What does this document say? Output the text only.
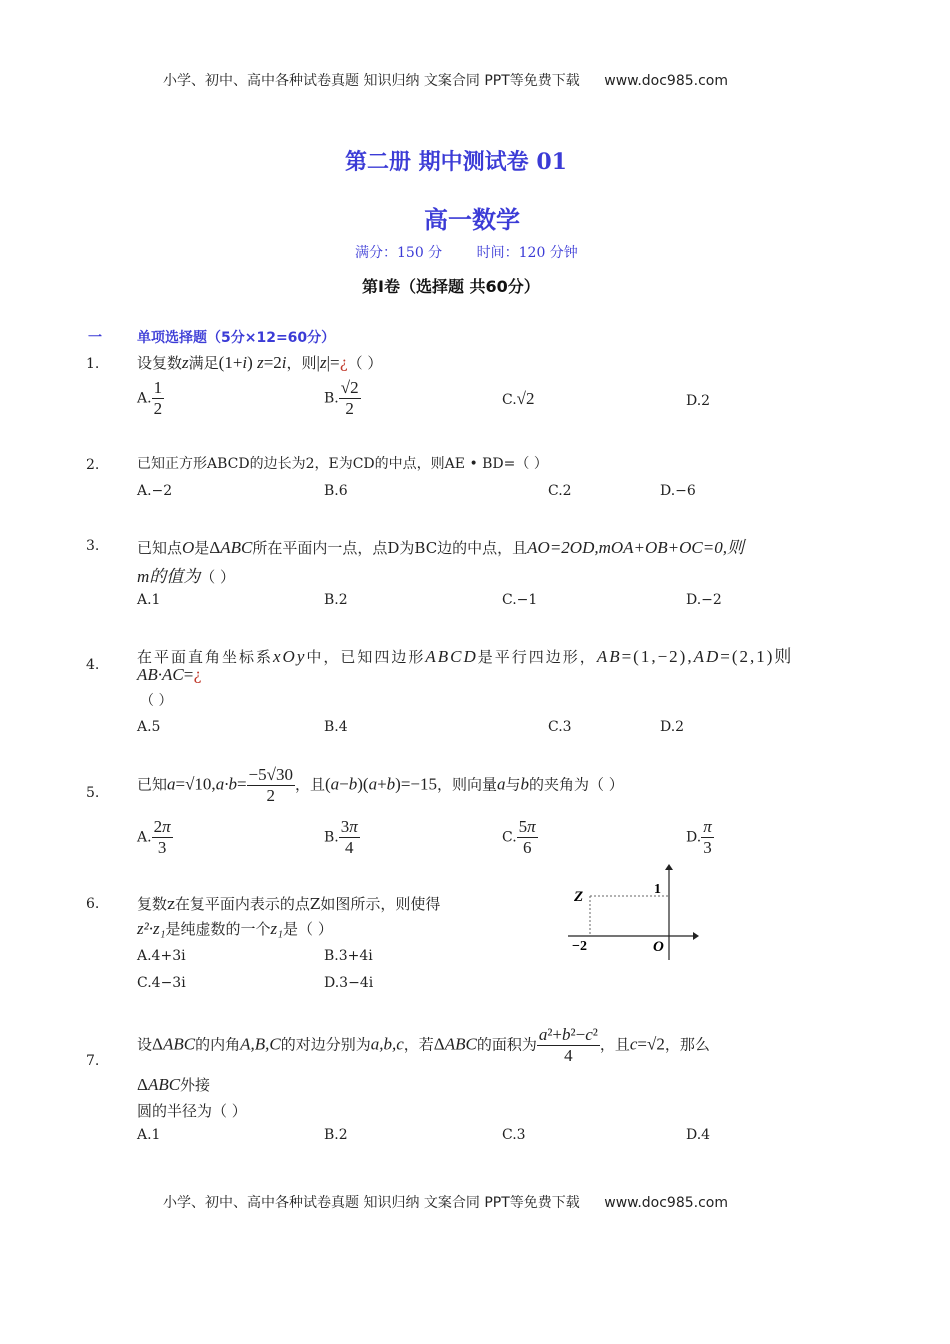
小学、初中、高中各种试卷真题 知识归纳 文案合同 PPT等免费下载 www.doc985.com
第二册 期中测试卷 01
高一数学
满分：150 分 时间：120 分钟
第Ⅰ卷（选择题 共60分）
一	单项选择题（5分×12=60分）
1.	设复数z满足(1+i) z=2i，则|z|=¿（ ）
A. $\frac{1}{2}$	B. $\frac{√2}{2}$	C.√2	D.2
2.	已知正方形ABCD的边长为2，E为CD的中点，则AE • BD=（ ）
A.−2	B.6	C.2	D.−6
3.	已知点O是ΔABC所在平面内一点，点D为BC边的中点，且AO=2OD,mOA+OB+OC=0,则
m的值为（ ）
A.1	B.2	C.−1	D.−2
4.	在平面直角坐标系xOy中，已知四边形ABCD是平行四边形，AB=(1,−2),AD=(2,1)则
AB·AC=¿
（ ）
A.5	B.4	C.3	D.2
5.	已知$a=√10,a\cdot b= \frac{-5√30}{2}$ ，且(a−b)(a+b)=−15，则向量a与b的夹角为（ ）
A. $\frac{2\pi}{3}$	B. $\frac{3\pi}{4}$	C. $\frac{5\pi}{6}$	D. $\frac{\pi}{3}$
6.	复数z在复平面内表示的点Z如图所示，则使得
z²·z₁是纯虚数的一个z₁是（ ）
A.4+3i	B.3+4i
C.4−3i	D.3−4i
Z	1
−2	O
7.
设ΔABC的内角A,B,C的对边分别为a,b,c，若ΔABC的面积为 $\frac{\text{a²+b²−c²}}{4}$ ，且c=√2，那么
ΔABC外接
圆的半径为（ ）
A.1	B.2	C.3	D.4
小学、初中、高中各种试卷真题 知识归纳 文案合同 PPT等免费下载 www.doc985.com
